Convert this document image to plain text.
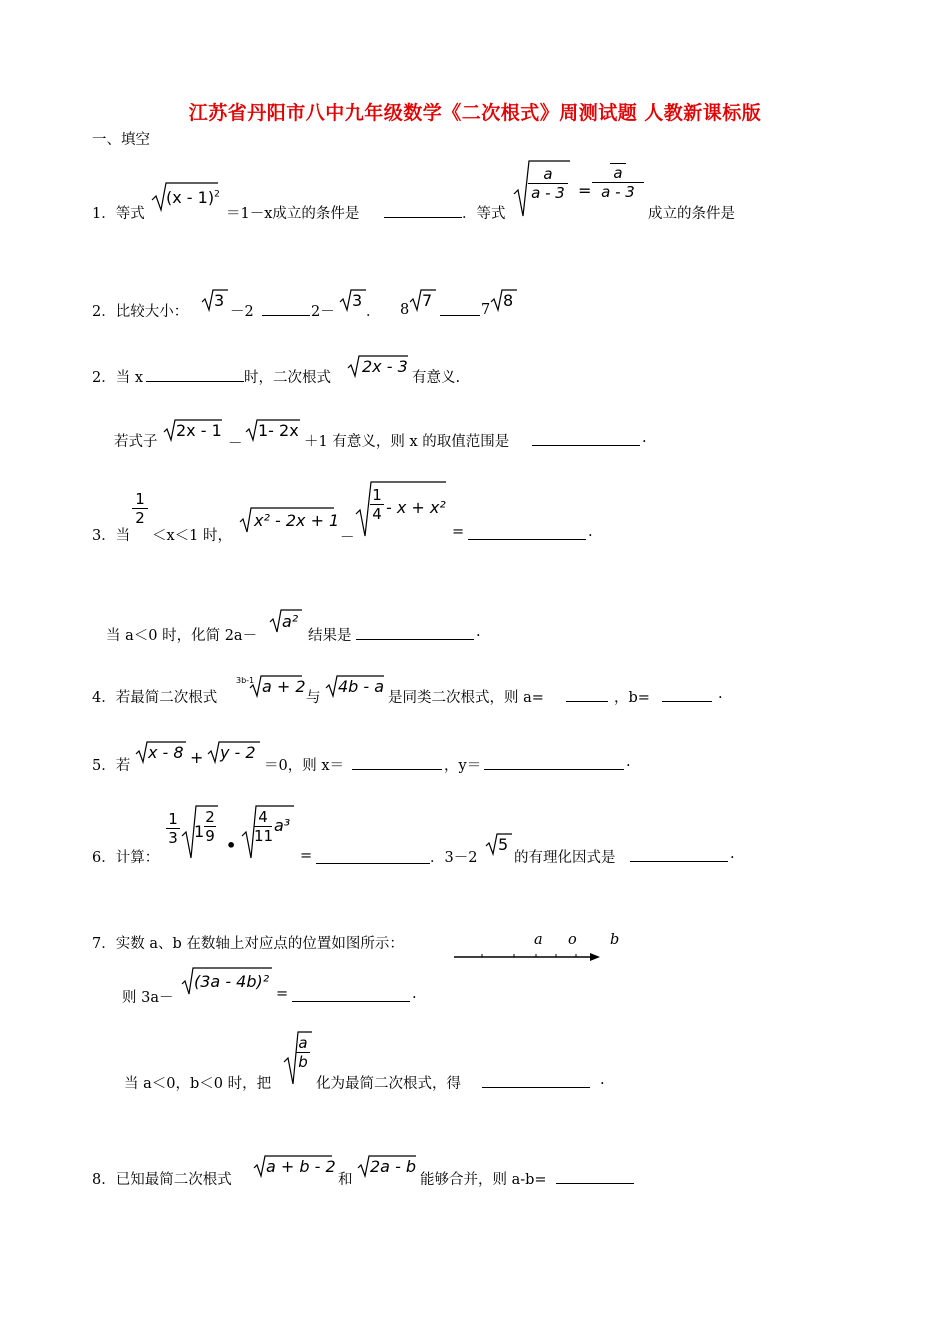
江苏省丹阳市八中九年级数学《二次根式》周测试题 人教新课标版
一、填空
1．等式
(x - 1)$^2$
＝1－x成立的条件是	．等式
$\frac{a}{a - 3} = \frac{a}{a - 3}$
成立的条件是
2．比较大小：
3
－2	2－
3
． 8 7	7 8
2．当 x	时，二次根式
2x - 3
有意义.
若式子
2x - 1
－
1- 2x
＋1 有意义，则 x 的取值范围是	.
3．当
$\frac{1}{2}$
＜x＜1 时，
x² - 2x + 1
－
$\frac{1}{4} - x + x^2$
=	.
当 a＜0 时，化简 2a－
a²
结果是	.
4．若最简二次根式
3b-1 a + 2
与
4b - a
是同类二次根式，则 a=	，b=	.
5．若
x - 8 + y - 2
＝0，则 x＝	，y＝	.
6．计算：
$\frac{1}{3} 1 \frac{2}{9}$
•
$\frac{4}{11} a^3$
=	．3－2
5
的有理化因式是	.
7．实数 a、b 在数轴上对应点的位置如图所示：	a o b
则 3a－
(3a - 4b)²
=	.
当 a＜0，b＜0 时，把
$\frac{a}{b}$
化为最简二次根式，得	.
8．已知最简二次根式
a + b - 2
和
2a - b
能够合并，则 a-b=
